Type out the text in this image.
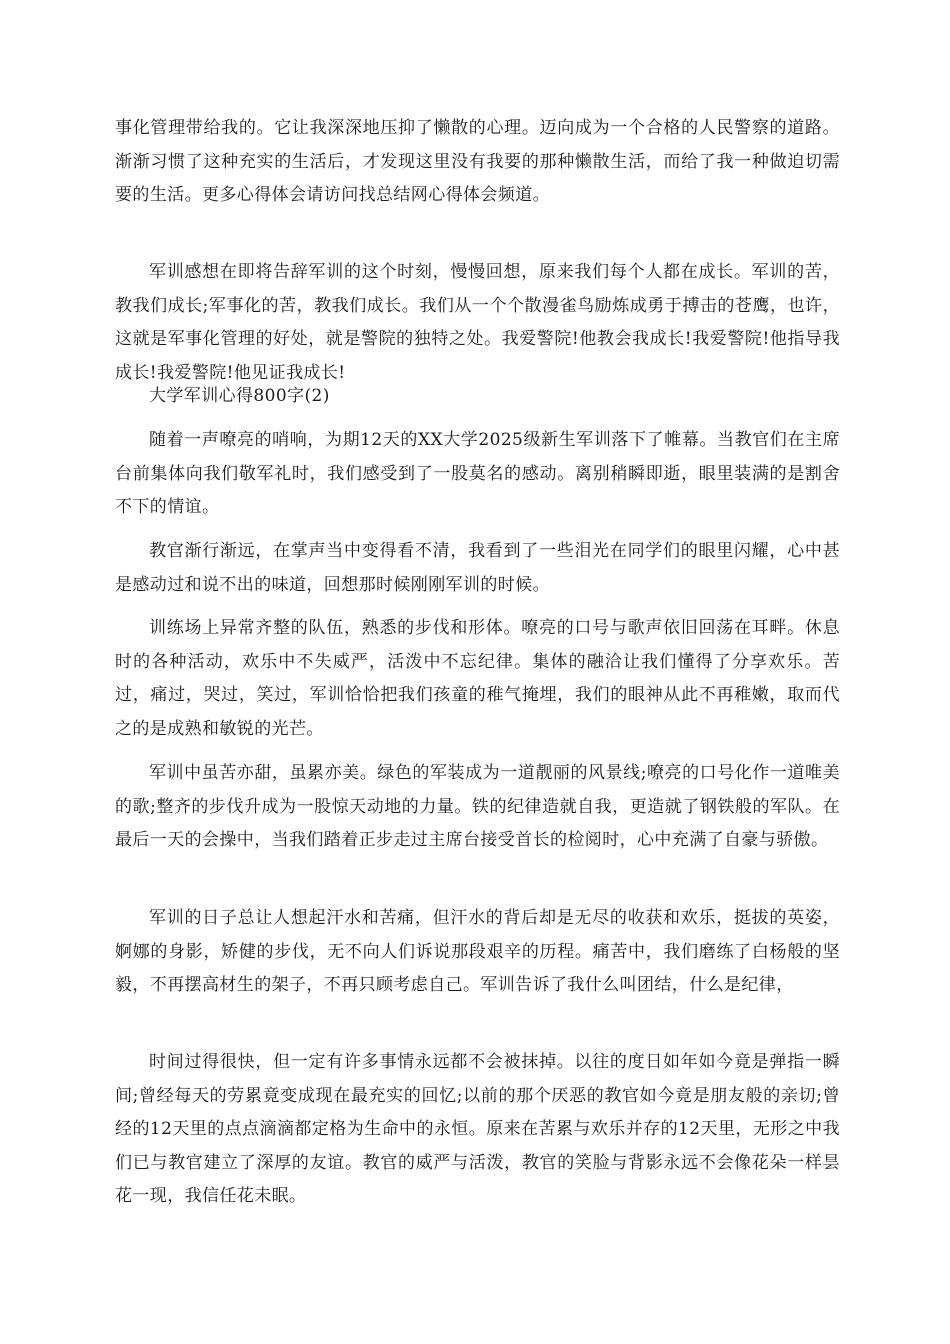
事化管理带给我的。它让我深深地压抑了懒散的心理。迈向成为一个合格的人民警察的道路。渐渐习惯了这种充实的生活后，才发现这里没有我要的那种懒散生活，而给了我一种做迫切需要的生活。更多心得体会请访问找总结网心得体会频道。

军训感想在即将告辞军训的这个时刻，慢慢回想，原来我们每个人都在成长。军训的苦，教我们成长;军事化的苦，教我们成长。我们从一个个散漫雀鸟励炼成勇于搏击的苍鹰，也许，这就是军事化管理的好处，就是警院的独特之处。我爱警院!他教会我成长!我爱警院!他指导我成长!我爱警院!他见证我成长!

大学军训心得800字(2)

随着一声嘹亮的哨响，为期12天的XX大学2025级新生军训落下了帷幕。当教官们在主席台前集体向我们敬军礼时，我们感受到了一股莫名的感动。离别稍瞬即逝，眼里装满的是割舍不下的情谊。

教官渐行渐远，在掌声当中变得看不清，我看到了一些泪光在同学们的眼里闪耀，心中甚是感动过和说不出的味道，回想那时候刚刚军训的时候。

训练场上异常齐整的队伍，熟悉的步伐和形体。嘹亮的口号与歌声依旧回荡在耳畔。休息时的各种活动，欢乐中不失威严，活泼中不忘纪律。集体的融洽让我们懂得了分享欢乐。苦过，痛过，哭过，笑过，军训恰恰把我们孩童的稚气掩埋，我们的眼神从此不再稚嫩，取而代之的是成熟和敏锐的光芒。

军训中虽苦亦甜，虽累亦美。绿色的军装成为一道靓丽的风景线;嘹亮的口号化作一道唯美的歌;整齐的步伐升成为一股惊天动地的力量。铁的纪律造就自我，更造就了钢铁般的军队。在最后一天的会操中，当我们踏着正步走过主席台接受首长的检阅时，心中充满了自豪与骄傲。

军训的日子总让人想起汗水和苦痛，但汗水的背后却是无尽的收获和欢乐，挺拔的英姿，婀娜的身影，矫健的步伐，无不向人们诉说那段艰辛的历程。痛苦中，我们磨练了白杨般的坚毅，不再摆高材生的架子，不再只顾考虑自己。军训告诉了我什么叫团结，什么是纪律，

时间过得很快，但一定有许多事情永远都不会被抹掉。以往的度日如年如今竟是弹指一瞬间;曾经每天的劳累竟变成现在最充实的回忆;以前的那个厌恶的教官如今竟是朋友般的亲切;曾经的12天里的点点滴滴都定格为生命中的永恒。原来在苦累与欢乐并存的12天里，无形之中我们已与教官建立了深厚的友谊。教官的威严与活泼，教官的笑脸与背影永远不会像花朵一样昙花一现，我信任花未眠。
